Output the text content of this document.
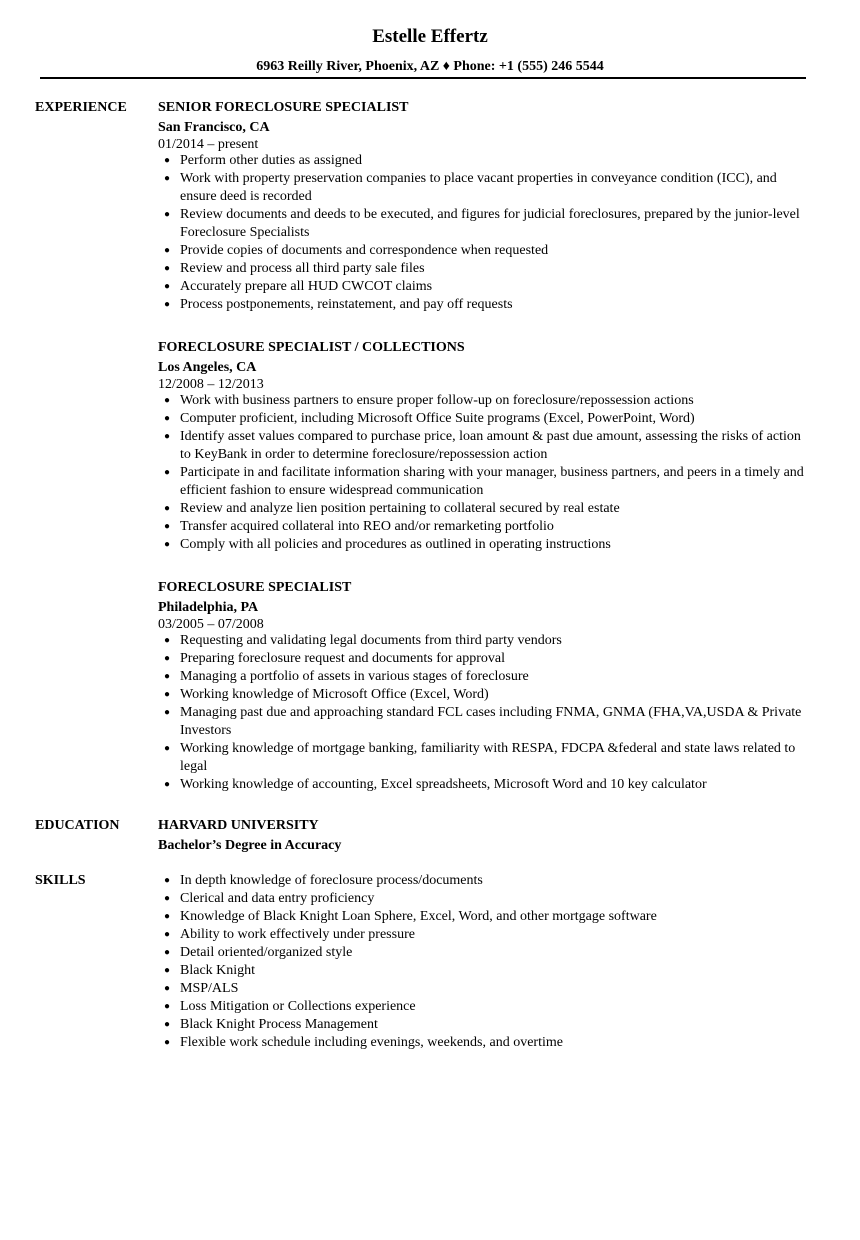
Estelle Effertz
6963 Reilly River, Phoenix, AZ ♦ Phone: +1 (555) 246 5544
EXPERIENCE SENIOR FORECLOSURE SPECIALIST
San Francisco, CA
01/2014 – present
● Perform other duties as assigned
● Work with property preservation companies to place vacant properties in conveyance condition (ICC), and ensure deed is recorded
● Review documents and deeds to be executed, and figures for judicial foreclosures, prepared by the junior-level Foreclosure Specialists
● Provide copies of documents and correspondence when requested
● Review and process all third party sale files
● Accurately prepare all HUD CWCOT claims
● Process postponements, reinstatement, and pay off requests
FORECLOSURE SPECIALIST / COLLECTIONS
Los Angeles, CA
12/2008 – 12/2013
● Work with business partners to ensure proper follow-up on foreclosure/repossession actions
● Computer proficient, including Microsoft Office Suite programs (Excel, PowerPoint, Word)
● Identify asset values compared to purchase price, loan amount & past due amount, assessing the risks of action to KeyBank in order to determine foreclosure/repossession action
● Participate in and facilitate information sharing with your manager, business partners, and peers in a timely and efficient fashion to ensure widespread communication
● Review and analyze lien position pertaining to collateral secured by real estate
● Transfer acquired collateral into REO and/or remarketing portfolio
● Comply with all policies and procedures as outlined in operating instructions
FORECLOSURE SPECIALIST
Philadelphia, PA
03/2005 – 07/2008
● Requesting and validating legal documents from third party vendors
● Preparing foreclosure request and documents for approval
● Managing a portfolio of assets in various stages of foreclosure
● Working knowledge of Microsoft Office (Excel, Word)
● Managing past due and approaching standard FCL cases including FNMA, GNMA (FHA,VA,USDA & Private Investors
● Working knowledge of mortgage banking, familiarity with RESPA, FDCPA &federal and state laws related to legal
● Working knowledge of accounting, Excel spreadsheets, Microsoft Word and 10 key calculator
EDUCATION	HARVARD UNIVERSITY
Bachelor’s Degree in Accuracy
SKILLS	● In depth knowledge of foreclosure process/documents
● Clerical and data entry proficiency
● Knowledge of Black Knight Loan Sphere, Excel, Word, and other mortgage software
● Ability to work effectively under pressure
● Detail oriented/organized style
● Black Knight
● MSP/ALS
● Loss Mitigation or Collections experience
● Black Knight Process Management
● Flexible work schedule including evenings, weekends, and overtime
